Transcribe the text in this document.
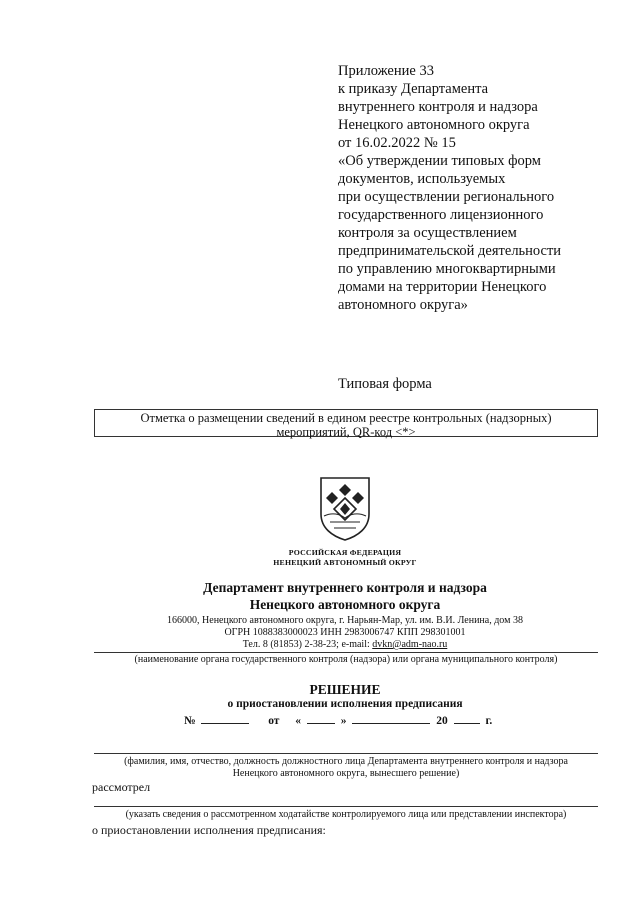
Приложение 33
к приказу Департамента
внутреннего контроля и надзора
Ненецкого автономного округа
от 16.02.2022 № 15
«Об утверждении типовых форм
документов, используемых
при осуществлении регионального
государственного лицензионного
контроля за осуществлением
предпринимательской деятельности
по управлению многоквартирными
домами на территории Ненецкого
автономного округа»
Типовая форма
Отметка о размещении сведений в едином реестре контрольных (надзорных)
мероприятий, QR-код <*>
РОССИЙСКАЯ ФЕДЕРАЦИЯ
НЕНЕЦКИЙ АВТОНОМНЫЙ ОКРУГ
Департамент внутреннего контроля и надзора
Ненецкого автономного округа
166000, Ненецкого автономного округа, г. Нарьян-Мар, ул. им. В.И. Ленина, дом 38
ОГРН 1088383000023 ИНН 2983006747 КПП 298301001
Тел. 8 (81853) 2-38-23; e-mail: dvkn@adm-nao.ru
(наименование органа государственного контроля (надзора) или органа муниципального контроля)
РЕШЕНИЕ
о приостановлении исполнения предписания
№	от «	»	20	г.
(фамилия, имя, отчество, должность должностного лица Департамента внутреннего контроля и надзора
Ненецкого автономного округа, вынесшего решение)
рассмотрел
(указать сведения о рассмотренном ходатайстве контролируемого лица или представлении инспектора)
о приостановлении исполнения предписания:
